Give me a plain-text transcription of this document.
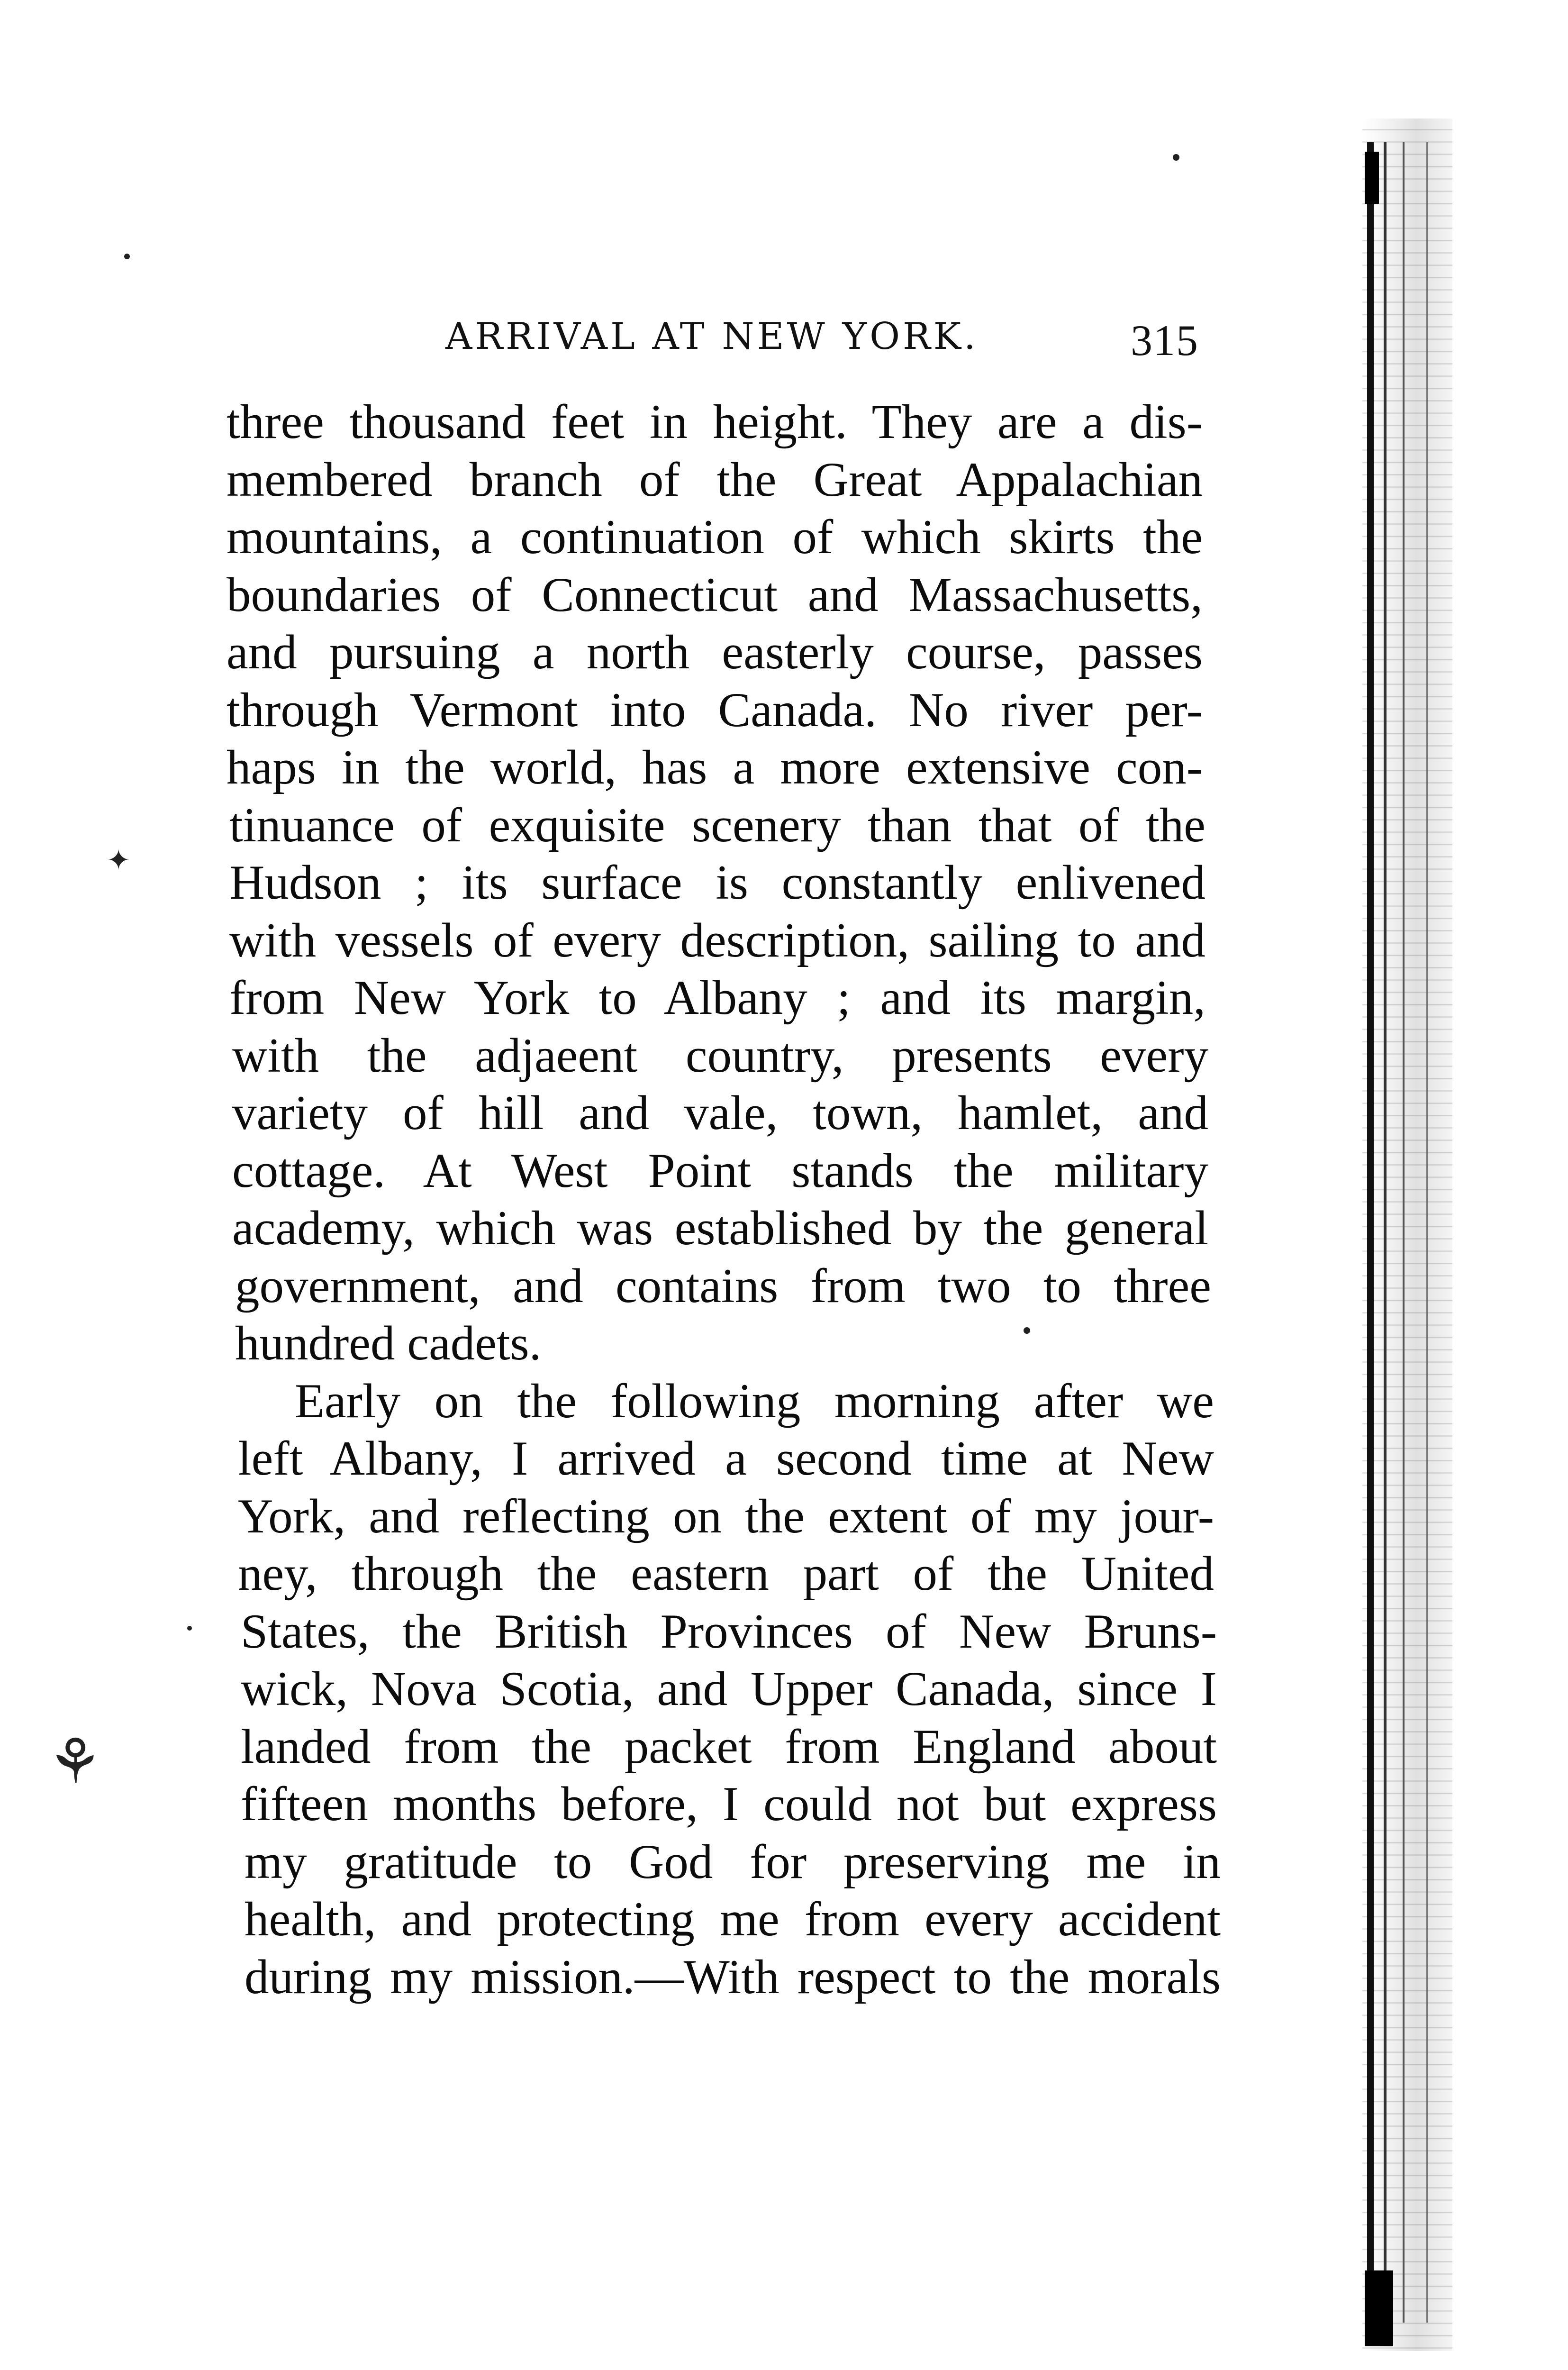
⚘
✦
ARRIVAL AT NEW YORK.	315
three thousand feet in height. They are a dis-
membered branch of the Great Appalachian
mountains, a continuation of which skirts the
boundaries of Connecticut and Massachusetts,
and pursuing a north easterly course, passes
through Vermont into Canada. No river per-
haps in the world, has a more extensive con-
tinuance of exquisite scenery than that of the
Hudson ; its surface is constantly enlivened
with vessels of every description, sailing to and
from New York to Albany ; and its margin,
with the adjaeent country, presents every
variety of hill and vale, town, hamlet, and
cottage. At West Point stands the military
academy, which was established by the general
government, and contains from two to three
hundred cadets.
Early on the following morning after we
left Albany, I arrived a second time at New
York, and reflecting on the extent of my jour-
ney, through the eastern part of the United
States, the British Provinces of New Bruns-
wick, Nova Scotia, and Upper Canada, since I
landed from the packet from England about
fifteen months before, I could not but express
my gratitude to God for preserving me in
health, and protecting me from every accident
during my mission.—With respect to the morals
